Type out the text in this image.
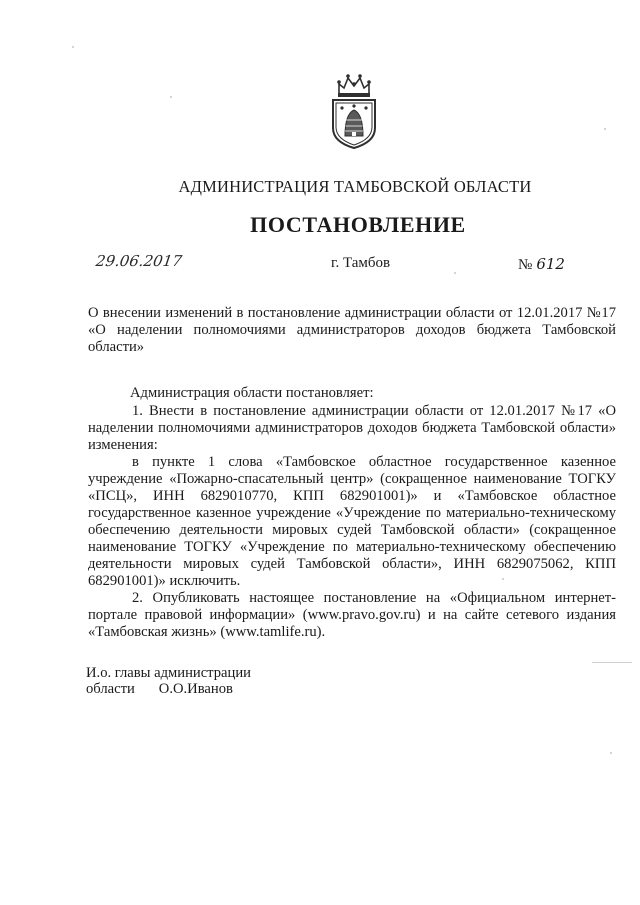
АДМИНИСТРАЦИЯ ТАМБОВСКОЙ ОБЛАСТИ
ПОСТАНОВЛЕНИЕ
29.06.2017	г. Тамбов	№ 612
О внесении изменений в постановление администрации области от 12.01.2017 №17 «О наделении полномочиями администраторов доходов бюджета Тамбовской области»
Администрация области постановляет:

1. Внести в постановление администрации области от 12.01.2017 №17 «О наделении полномочиями администраторов доходов бюджета Тамбовской области» изменения:

в пункте 1 слова «Тамбовское областное государственное казенное учреждение «Пожарно-спасательный центр» (сокращенное наименование ТОГКУ «ПСЦ», ИНН 6829010770, КПП 682901001)» и «Тамбовское областное государственное казенное учреждение «Учреждение по материально-техническому обеспечению деятельности мировых судей Тамбовской области» (сокращенное наименование ТОГКУ «Учреждение по материально-техническому обеспечению деятельности мировых судей Тамбовской области», ИНН 6829075062, КПП 682901001)» исключить.

2. Опубликовать настоящее постановление на «Официальном интернет-портале правовой информации» (www.pravo.gov.ru) и на сайте сетевого издания «Тамбовская жизнь» (www.tamlife.ru).

И.о. главы администрации
области О.О.Иванов
